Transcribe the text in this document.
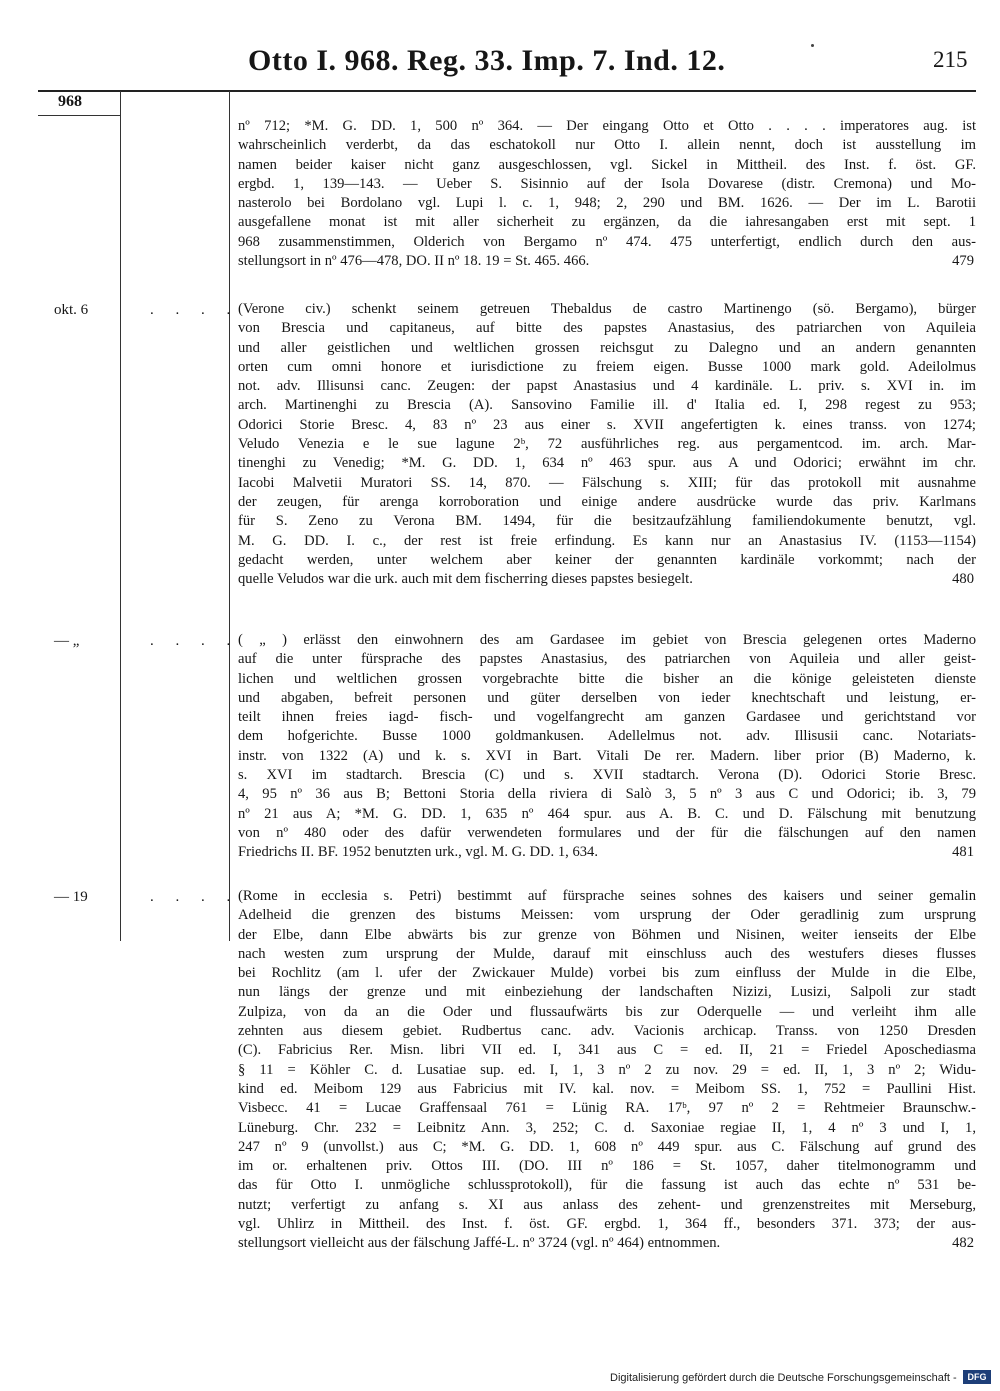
Otto I. 968. Reg. 33. Imp. 7. Ind. 12.	215
968
nº 712; *M. G. DD. 1, 500 nº 364. — Der eingang Otto et Otto . . . . imperatores aug. ist
wahrscheinlich verderbt, da das eschatokoll nur Otto I. allein nennt, doch ist ausstellung im
namen beider kaiser nicht ganz ausgeschlossen, vgl. Sickel in Mittheil. des Inst. f. öst. GF.
ergbd. 1, 139—143. — Ueber S. Sisinnio auf der Isola Dovarese (distr. Cremona) und Mo-
nasterolo bei Bordolano vgl. Lupi l. c. 1, 948; 2, 290 und BM. 1626. — Der im L. Barotii
ausgefallene monat ist mit aller sicherheit zu ergänzen, da die iahresangaben erst mit sept. 1
968 zusammenstimmen, Olderich von Bergamo nº 474. 475 unterfertigt, endlich durch den aus-
stellungsort in nº 476—478, DO. II nº 18. 19 = St. 465. 466.	479
okt. 6	. . . .
(Verone civ.) schenkt seinem getreuen Thebaldus de castro Martinengo (sö. Bergamo), bürger
von Brescia und capitaneus, auf bitte des papstes Anastasius, des patriarchen von Aquileia
und aller geistlichen und weltlichen grossen reichsgut zu Dalegno und an andern genannten
orten cum omni honore et iurisdictione zu freiem eigen. Busse 1000 mark gold. Adeilolmus
not. adv. Illisunsi canc. Zeugen: der papst Anastasius und 4 kardinäle. L. priv. s. XVI in. im
arch. Martinenghi zu Brescia (A). Sansovino Familie ill. d' Italia ed. I, 298 regest zu 953;
Odorici Storie Bresc. 4, 83 nº 23 aus einer s. XVII angefertigten k. eines transs. von 1274;
Veludo Venezia e le sue lagune 2ᵇ, 72 ausführliches reg. aus pergamentcod. im. arch. Mar-
tinenghi zu Venedig; *M. G. DD. 1, 634 nº 463 spur. aus A und Odorici; erwähnt im chr.
Iacobi Malvetii Muratori SS. 14, 870. — Fälschung s. XIII; für das protokoll mit ausnahme
der zeugen, für arenga korroboration und einige andere ausdrücke wurde das priv. Karlmans
für S. Zeno zu Verona BM. 1494, für die besitzaufzählung familiendokumente benutzt, vgl.
M. G. DD. I. c., der rest ist freie erfindung. Es kann nur an Anastasius IV. (1153—1154)
gedacht werden, unter welchem aber keiner der genannten kardinäle vorkommt; nach der
quelle Veludos war die urk. auch mit dem fischerring dieses papstes besiegelt.	480
— „	. . . .
( „ ) erlässt den einwohnern des am Gardasee im gebiet von Brescia gelegenen ortes Maderno
auf die unter fürsprache des papstes Anastasius, des patriarchen von Aquileia und aller geist-
lichen und weltlichen grossen vorgebrachte bitte die bisher an die könige geleisteten dienste
und abgaben, befreit personen und güter derselben von ieder knechtschaft und leistung, er-
teilt ihnen freies iagd- fisch- und vogelfangrecht am ganzen Gardasee und gerichtstand vor
dem hofgerichte. Busse 1000 goldmankusen. Adellelmus not. adv. Illisusii canc. Notariats-
instr. von 1322 (A) und k. s. XVI in Bart. Vitali De rer. Madern. liber prior (B) Maderno, k.
s. XVI im stadtarch. Brescia (C) und s. XVII stadtarch. Verona (D). Odorici Storie Bresc.
4, 95 nº 36 aus B; Bettoni Storia della riviera di Salò 3, 5 nº 3 aus C und Odorici; ib. 3, 79
nº 21 aus A; *M. G. DD. 1, 635 nº 464 spur. aus A. B. C. und D. Fälschung mit benutzung
von nº 480 oder des dafür verwendeten formulares und der für die fälschungen auf den namen
Friedrichs II. BF. 1952 benutzten urk., vgl. M. G. DD. 1, 634.	481
— 19	. . . .
(Rome in ecclesia s. Petri) bestimmt auf fürsprache seines sohnes des kaisers und seiner gemalin
Adelheid die grenzen des bistums Meissen: vom ursprung der Oder geradlinig zum ursprung
der Elbe, dann Elbe abwärts bis zur grenze von Böhmen und Nisinen, weiter ienseits der Elbe
nach westen zum ursprung der Mulde, darauf mit einschluss auch des westufers dieses flusses
bei Rochlitz (am l. ufer der Zwickauer Mulde) vorbei bis zum einfluss der Mulde in die Elbe,
nun längs der grenze und mit einbeziehung der landschaften Nizizi, Lusizi, Salpoli zur stadt
Zulpiza, von da an die Oder und flussaufwärts bis zur Oderquelle — und verleiht ihm alle
zehnten aus diesem gebiet. Rudbertus canc. adv. Vacionis archicap. Transs. von 1250 Dresden
(C). Fabricius Rer. Misn. libri VII ed. I, 341 aus C = ed. II, 21 = Friedel Aposchediasma
§ 11 = Köhler C. d. Lusatiae sup. ed. I, 1, 3 nº 2 zu nov. 29 = ed. II, 1, 3 nº 2; Widu-
kind ed. Meibom 129 aus Fabricius mit IV. kal. nov. = Meibom SS. 1, 752 = Paullini Hist.
Visbecc. 41 = Lucae Graffensaal 761 = Lünig RA. 17ᵇ, 97 nº 2 = Rehtmeier Braunschw.-
Lüneburg. Chr. 232 = Leibnitz Ann. 3, 252; C. d. Saxoniae regiae II, 1, 4 nº 3 und I, 1,
247 nº 9 (unvollst.) aus C; *M. G. DD. 1, 608 nº 449 spur. aus C. Fälschung auf grund des
im or. erhaltenen priv. Ottos III. (DO. III nº 186 = St. 1057, daher titelmonogramm und
das für Otto I. unmögliche schlussprotokoll), für die fassung ist auch das echte nº 531 be-
nutzt; verfertigt zu anfang s. XI aus anlass des zehent- und grenzenstreites mit Merseburg,
vgl. Uhlirz in Mittheil. des Inst. f. öst. GF. ergbd. 1, 364 ff., besonders 371. 373; der aus-
stellungsort vielleicht aus der fälschung Jaffé-L. nº 3724 (vgl. nº 464) entnommen.	482
Digitalisierung gefördert durch die Deutsche Forschungsgemeinschaft -	DFG
